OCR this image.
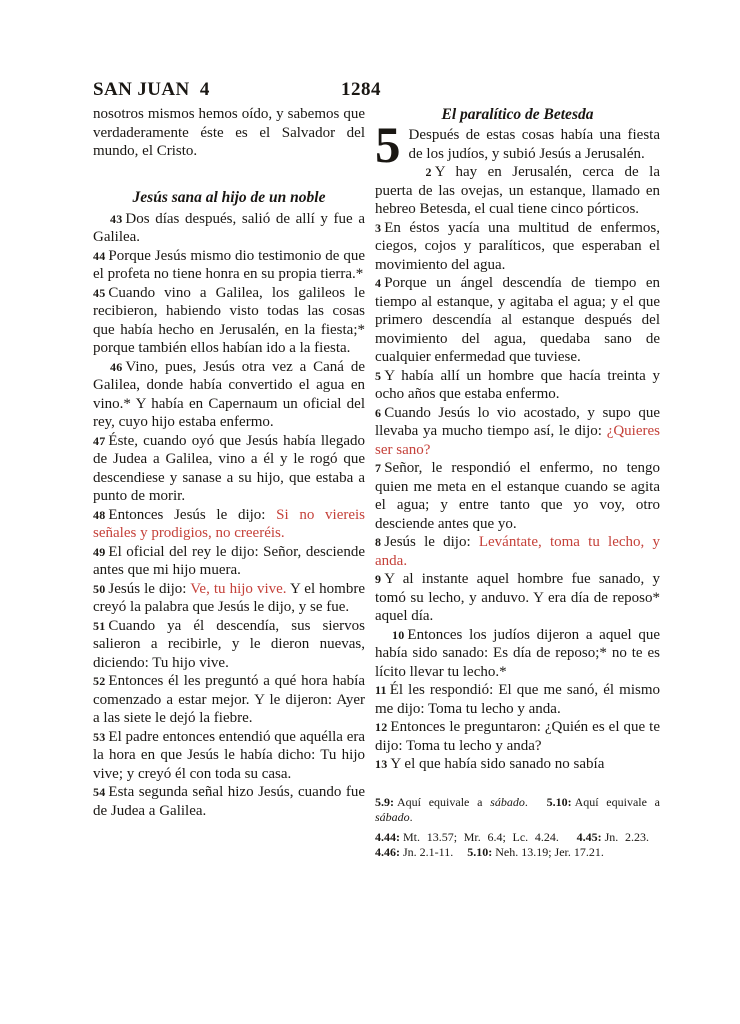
SAN JUAN  4	1284

nosotros mismos hemos oído, y sabemos que verdaderamente éste es el Salvador del mundo, el Cristo.

Jesús sana al hijo de un noble

43 Dos días después, salió de allí y fue a Galilea.

44 Porque Jesús mismo dio testimonio de que el profeta no tiene honra en su propia tierra.*

45 Cuando vino a Galilea, los galileos le recibieron, habiendo visto todas las cosas que había hecho en Jerusalén, en la fiesta;* porque también ellos habían ido a la fiesta.

46 Vino, pues, Jesús otra vez a Caná de Galilea, donde había convertido el agua en vino.* Y había en Capernaum un oficial del rey, cuyo hijo estaba enfermo.

47 Éste, cuando oyó que Jesús había llegado de Judea a Galilea, vino a él y le rogó que descendiese y sanase a su hijo, que estaba a punto de morir.

48 Entonces Jesús le dijo: Si no viereis señales y prodigios, no creeréis.

49 El oficial del rey le dijo: Señor, desciende antes que mi hijo muera.

50 Jesús le dijo: Ve, tu hijo vive. Y el hombre creyó la palabra que Jesús le dijo, y se fue.

51 Cuando ya él descendía, sus siervos salieron a recibirle, y le dieron nuevas, diciendo: Tu hijo vive.

52 Entonces él les preguntó a qué hora había comenzado a estar mejor. Y le dijeron: Ayer a las siete le dejó la fiebre.

53 El padre entonces entendió que aquélla era la hora en que Jesús le había dicho: Tu hijo vive; y creyó él con toda su casa.

54 Esta segunda señal hizo Jesús, cuando fue de Judea a Galilea.

El paralítico de Betesda

5 Después de estas cosas había una fiesta de los judíos, y subió Jesús a Jerusalén.

2 Y hay en Jerusalén, cerca de la puerta de las ovejas, un estanque, llamado en hebreo Betesda, el cual tiene cinco pórticos.

3 En éstos yacía una multitud de enfermos, ciegos, cojos y paralíticos, que esperaban el movimiento del agua.

4 Porque un ángel descendía de tiempo en tiempo al estanque, y agitaba el agua; y el que primero descendía al estanque después del movimiento del agua, quedaba sano de cualquier enfermedad que tuviese.

5 Y había allí un hombre que hacía treinta y ocho años que estaba enfermo.

6 Cuando Jesús lo vio acostado, y supo que llevaba ya mucho tiempo así, le dijo: ¿Quieres ser sano?

7 Señor, le respondió el enfermo, no tengo quien me meta en el estanque cuando se agita el agua; y entre tanto que yo voy, otro desciende antes que yo.

8 Jesús le dijo: Levántate, toma tu lecho, y anda.

9 Y al instante aquel hombre fue sanado, y tomó su lecho, y anduvo. Y era día de reposo* aquel día.

10 Entonces los judíos dijeron a aquel que había sido sanado: Es día de reposo;* no te es lícito llevar tu lecho.*

11 Él les respondió: El que me sanó, él mismo me dijo: Toma tu lecho y anda.

12 Entonces le preguntaron: ¿Quién es el que te dijo: Toma tu lecho y anda?

13 Y el que había sido sanado no sabía

5.9: Aquí equivale a sábado. 5.10: Aquí equivale a sábado.

4.44: Mt. 13.57; Mr. 6.4; Lc. 4.24. 4.45: Jn. 2.23. 4.46: Jn. 2.1-11. 5.10: Neh. 13.19; Jer. 17.21.
